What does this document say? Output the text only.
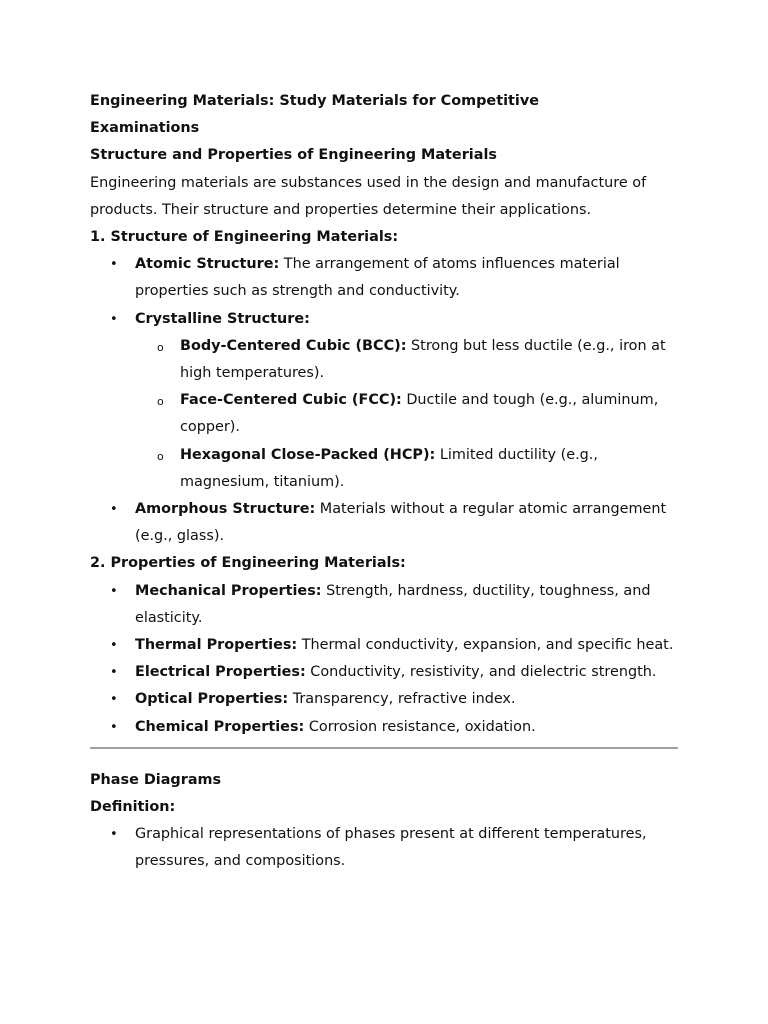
Engineering Materials: Study Materials for Competitive
Examinations

Structure and Properties of Engineering Materials

Engineering materials are substances used in the design and manufacture of products. Their structure and properties determine their applications.

1. Structure of Engineering Materials:

• Atomic Structure: The arrangement of atoms influences material properties such as strength and conductivity.
• Crystalline Structure:
o Body-Centered Cubic (BCC): Strong but less ductile (e.g., iron at high temperatures).
o Face-Centered Cubic (FCC): Ductile and tough (e.g., aluminum, copper).
o Hexagonal Close-Packed (HCP): Limited ductility (e.g., magnesium, titanium).
• Amorphous Structure: Materials without a regular atomic arrangement (e.g., glass).

2. Properties of Engineering Materials:

• Mechanical Properties: Strength, hardness, ductility, toughness, and elasticity.
• Thermal Properties: Thermal conductivity, expansion, and specific heat.
• Electrical Properties: Conductivity, resistivity, and dielectric strength.
• Optical Properties: Transparency, refractive index.
• Chemical Properties: Corrosion resistance, oxidation.

Phase Diagrams

Definition:

• Graphical representations of phases present at different temperatures, pressures, and compositions.
